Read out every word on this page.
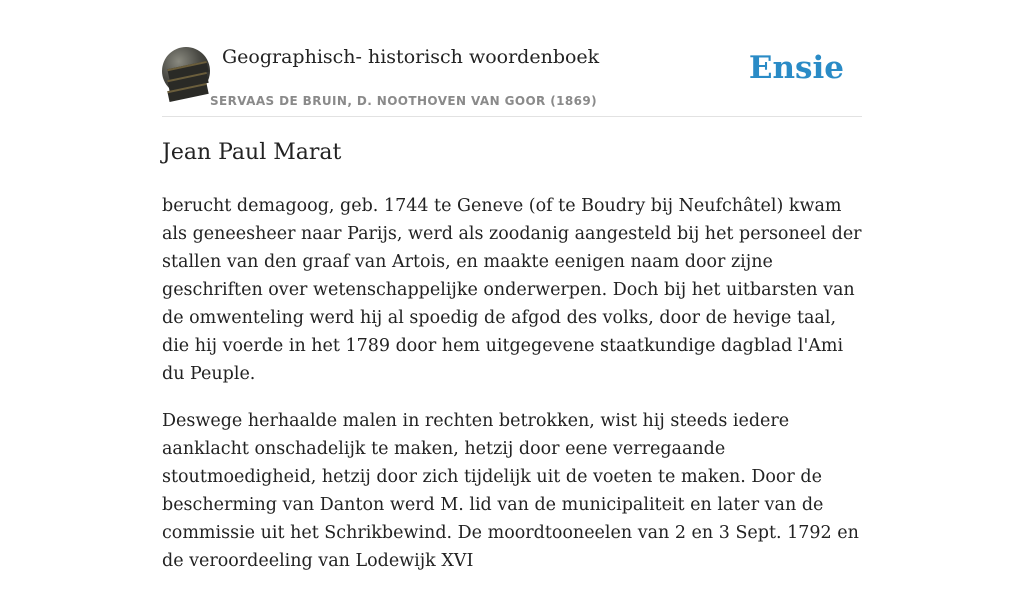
Geographisch- historisch woordenboek
SERVAAS DE BRUIN, D. NOOTHOVEN VAN GOOR (1869)
Ensie
Jean Paul Marat

berucht demagoog, geb. 1744 te Geneve (of te Boudry bij Neufchâtel) kwam als geneesheer naar Parijs, werd als zoodanig aangesteld bij het personeel der stallen van den graaf van Artois, en maakte eenigen naam door zijne geschriften over wetenschappelijke onderwerpen. Doch bij het uitbarsten van de omwenteling werd hij al spoedig de afgod des volks, door de hevige taal, die hij voerde in het 1789 door hem uitgegevene staatkundige dagblad l'Ami du Peuple.

Deswege herhaalde malen in rechten betrokken, wist hij steeds iedere aanklacht onschadelijk te maken, hetzij door eene verregaande stoutmoedigheid, hetzij door zich tijdelijk uit de voeten te maken. Door de bescherming van Danton werd M. lid van de municipaliteit en later van de commissie uit het Schrikbewind. De moordtooneelen van 2 en 3 Sept. 1792 en de veroordeeling van Lodewijk XVI
